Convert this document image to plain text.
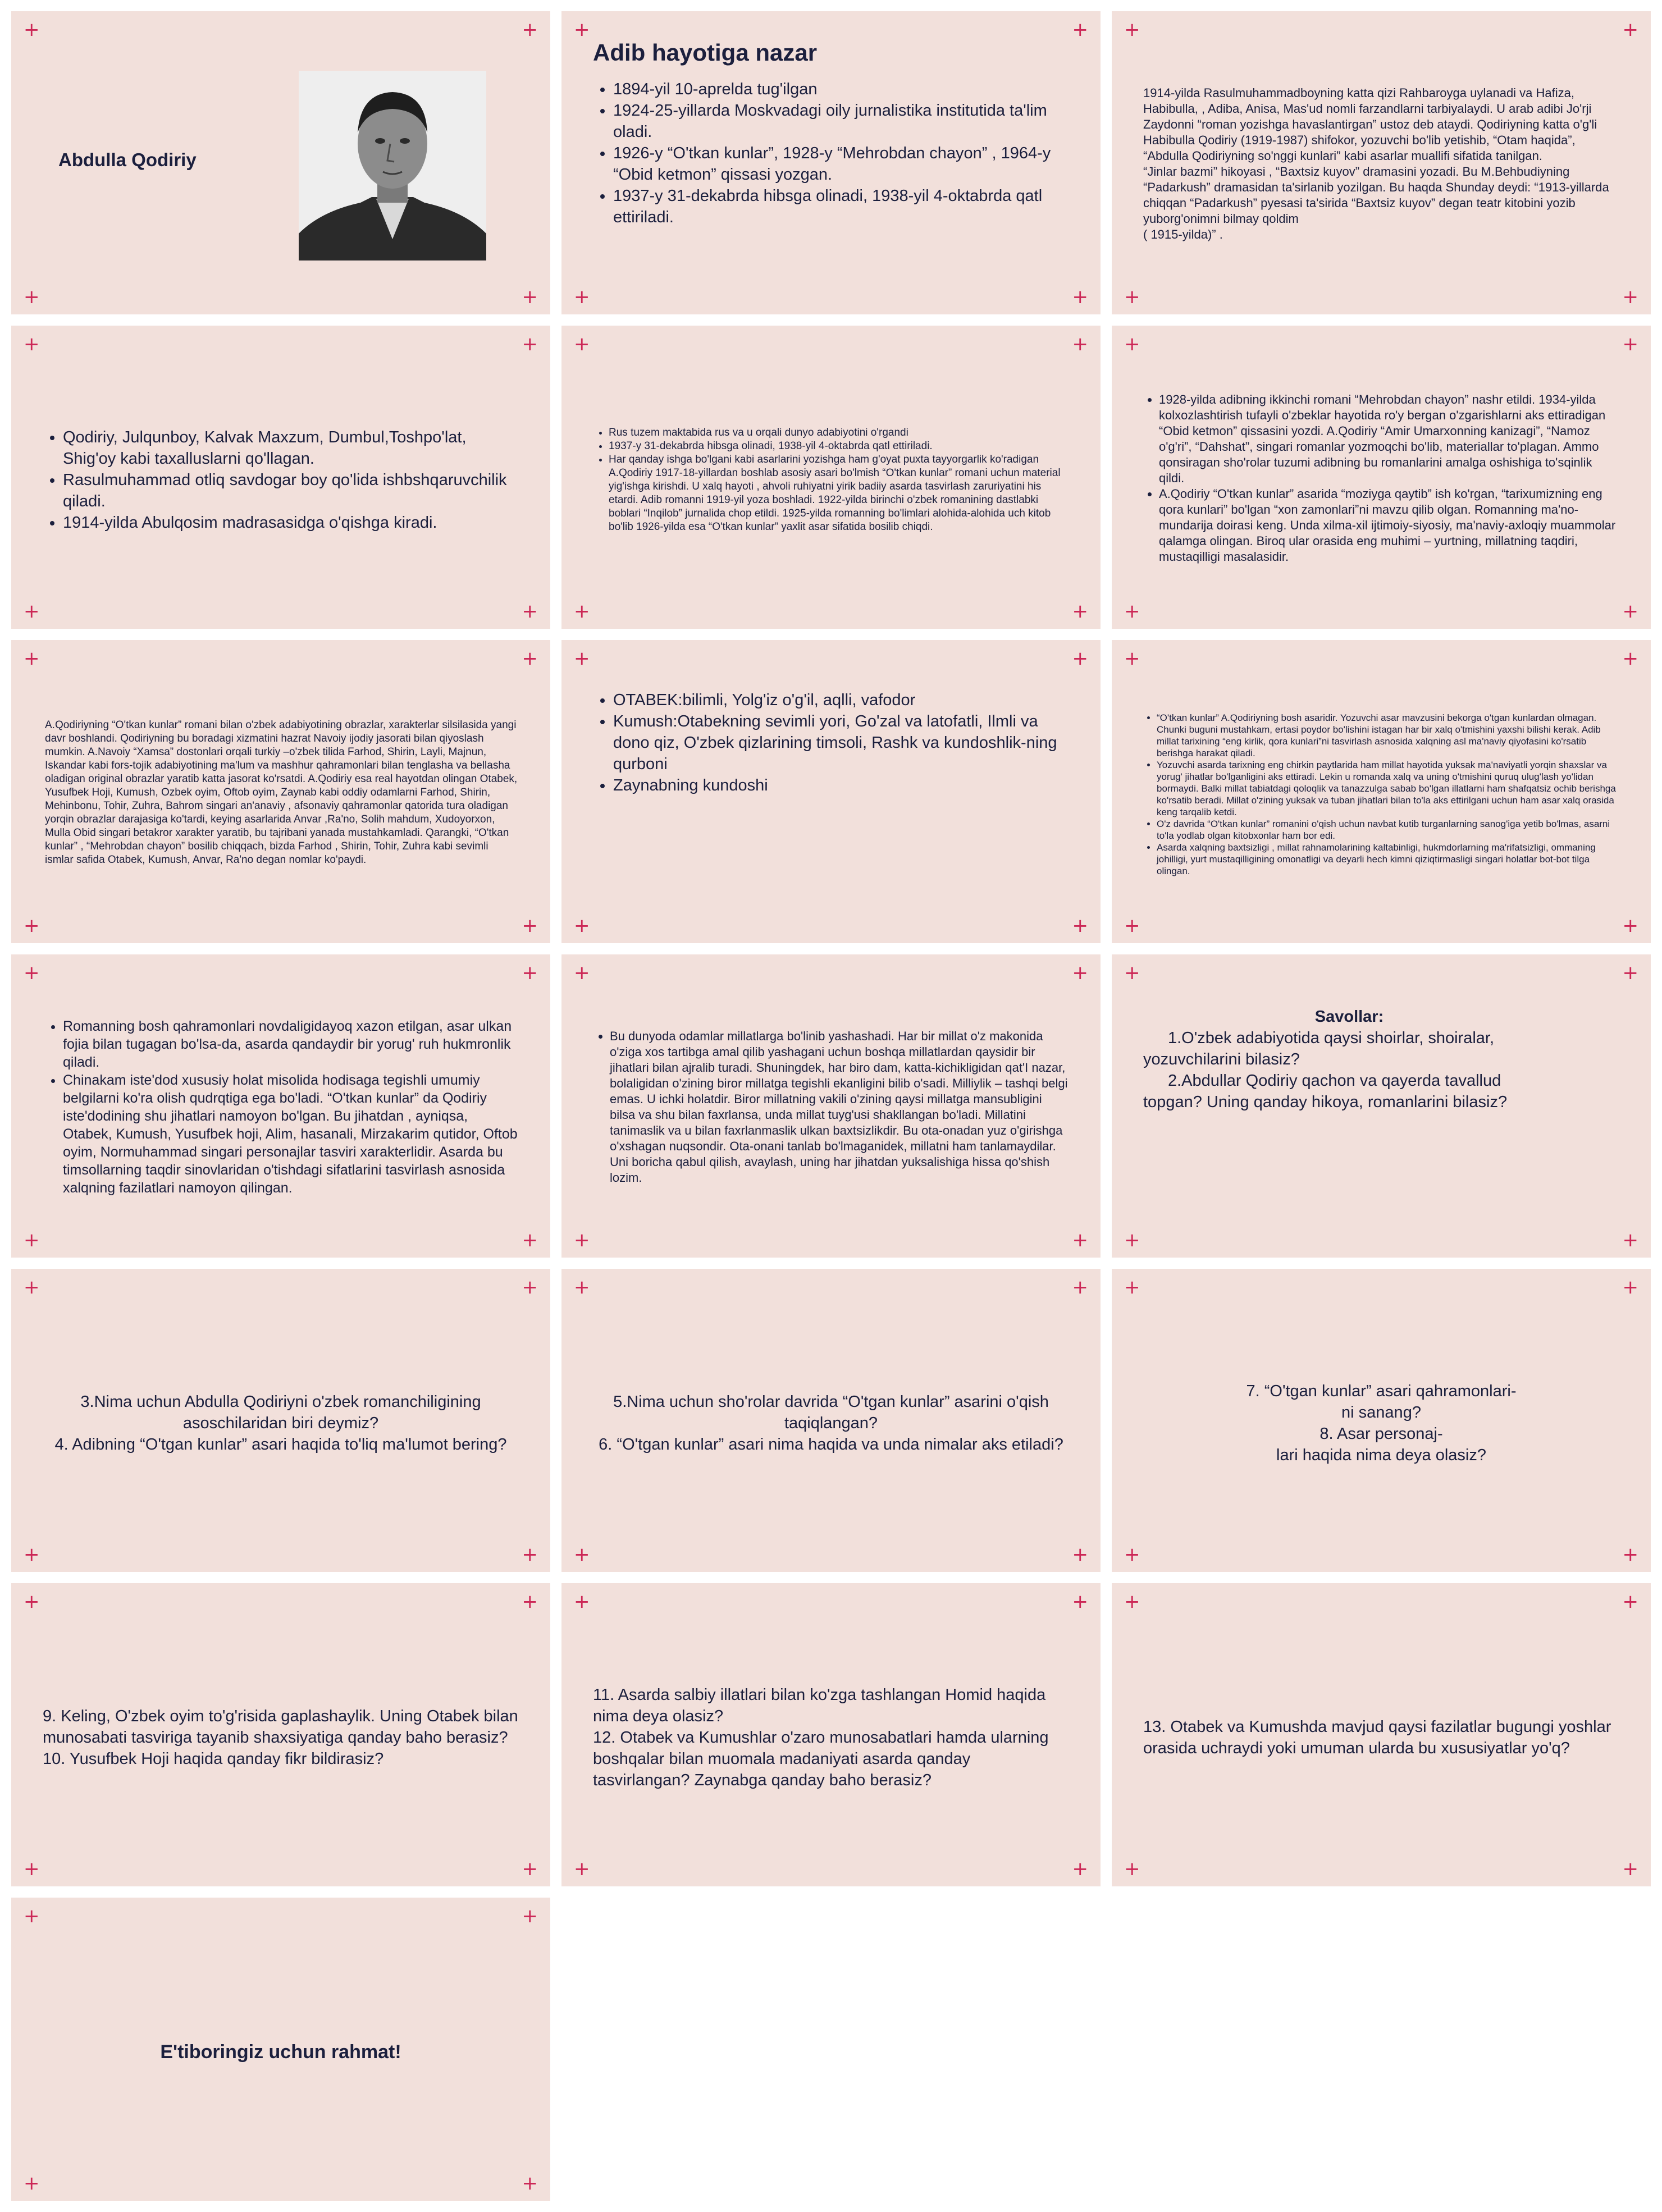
+	+
+	+
Abdulla Qodiriy
+	+
+	+
Adib hayotiga nazar
• 1894-yil 10-aprelda tug'ilgan
• 1924-25-yillarda Moskvadagi oily jurnalistika institutida ta'lim oladi.
• 1926-y “O'tkan kunlar”, 1928-y “Mehrobdan chayon” , 1964-y “Obid ketmon” qissasi yozgan.
• 1937-y 31-dekabrda hibsga olinadi, 1938-yil 4-oktabrda qatl ettiriladi.
+	+
+	+

1914-yilda Rasulmuhammadboyning katta qizi Rahbaroyga uylanadi va Hafiza, Habibulla, , Adiba, Anisa, Mas'ud nomli farzandlarni tarbiyalaydi. U arab adibi Jo'rji Zaydonni “roman yozishga havaslantirgan” ustoz deb ataydi. Qodiriyning katta o'g'li Habibulla Qodiriy (1919-1987) shifokor, yozuvchi bo'lib yetishib, “Otam haqida”, “Abdulla Qodiriyning so'nggi kunlari” kabi asarlar muallifi sifatida tanilgan.
“Jinlar bazmi” hikoyasi , “Baxtsiz kuyov” dramasini yozadi. Bu M.Behbudiyning “Padarkush” dramasidan ta'sirlanib yozilgan. Bu haqda Shunday deydi: “1913-yillarda chiqqan “Padarkush” pyesasi ta'sirida “Baxtsiz kuyov” degan teatr kitobini yozib yuborg'onimni bilmay qoldim
( 1915-yilda)” .

+	+
+	+
• Qodiriy, Julqunboy, Kalvak Maxzum, Dumbul,Toshpo'lat, Shig'oy kabi taxalluslarni qo'llagan.
• Rasulmuhammad otliq savdogar boy qo'lida ishbshqaruvchilik qiladi.
• 1914-yilda Abulqosim madrasasidga o'qishga kiradi.
+	+
+	+
• Rus tuzem maktabida rus va u orqali dunyo adabiyotini o'rgandi
• 1937-y 31-dekabrda hibsga olinadi, 1938-yil 4-oktabrda qatl ettiriladi.
• Har qanday ishga bo'lgani kabi asarlarini yozishga ham g'oyat puxta tayyorgarlik ko'radigan A.Qodiriy 1917-18-yillardan boshlab asosiy asari bo'lmish “O'tkan kunlar” romani uchun material yig'ishga kirishdi. U xalq hayoti , ahvoli ruhiyatni yirik badiiy asarda tasvirlash zaruriyatini his etardi. Adib romanni 1919-yil yoza boshladi. 1922-yilda birinchi o'zbek romanining dastlabki boblari “Inqilob” jurnalida chop etildi. 1925-yilda romanning bo'limlari alohida-alohida uch kitob bo'lib 1926-yilda esa “O'tkan kunlar” yaxlit asar sifatida bosilib chiqdi.
+	+
+	+
• 1928-yilda adibning ikkinchi romani “Mehrobdan chayon” nashr etildi. 1934-yilda kolxozlashtirish tufayli o'zbeklar hayotida ro'y bergan o'zgarishlarni aks ettiradigan “Obid ketmon” qissasini yozdi. A.Qodiriy “Amir Umarxonning kanizagi”, “Namoz o'g'ri”, “Dahshat”, singari romanlar yozmoqchi bo'lib, materiallar to'plagan. Ammo qonsiragan sho'rolar tuzumi adibning bu romanlarini amalga oshishiga to'sqinlik qildi.
• A.Qodiriy “O'tkan kunlar” asarida “moziyga qaytib” ish ko'rgan, “tarixumizning eng qora kunlari” bo'lgan “xon zamonlari”ni mavzu qilib olgan. Romanning ma'no-mundarija doirasi keng. Unda xilma-xil ijtimoiy-siyosiy, ma'naviy-axloqiy muammolar qalamga olingan. Biroq ular orasida eng muhimi – yurtning, millatning taqdiri, mustaqilligi masalasidir.
+	+
+	+

A.Qodiriyning “O'tkan kunlar” romani bilan o'zbek adabiyotining obrazlar, xarakterlar silsilasida yangi davr boshlandi. Qodiriyning bu boradagi xizmatini hazrat Navoiy ijodiy jasorati bilan qiyoslash mumkin. A.Navoiy “Xamsa” dostonlari orqali turkiy –o'zbek tilida Farhod, Shirin, Layli, Majnun, Iskandar kabi fors-tojik adabiyotining ma'lum va mashhur qahramonlari bilan tenglasha va bellasha oladigan original obrazlar yaratib katta jasorat ko'rsatdi. A.Qodiriy esa real hayotdan olingan Otabek, Yusufbek Hoji, Kumush, Ozbek oyim, Oftob oyim, Zaynab kabi oddiy odamlarni Farhod, Shirin, Mehinbonu, Tohir, Zuhra, Bahrom singari an'anaviy , afsonaviy qahramonlar qatorida tura oladigan yorqin obrazlar darajasiga ko'tardi, keying asarlarida Anvar ,Ra'no, Solih mahdum, Xudoyorxon, Mulla Obid singari betakror xarakter yaratib, bu tajribani yanada mustahkamladi. Qarangki, “O'tkan kunlar” , “Mehrobdan chayon” bosilib chiqqach, bizda Farhod , Shirin, Tohir, Zuhra kabi sevimli ismlar safida Otabek, Kumush, Anvar, Ra'no degan nomlar ko'paydi.

+	+
+	+
• OTABEK:bilimli, Yolg'iz o'g'il, aqlli, vafodor
• Kumush:Otabekning sevimli yori, Go'zal va latofatli, Ilmli va dono qiz, O'zbek qizlarining timsoli, Rashk va kundoshlik-ning qurboni
• Zaynabning kundoshi
+	+
+	+
• “O'tkan kunlar” A.Qodiriyning bosh asaridir. Yozuvchi asar mavzusini bekorga o'tgan kunlardan olmagan. Chunki buguni mustahkam, ertasi poydor bo'lishini istagan har bir xalq o'tmishini yaxshi bilishi kerak. Adib millat tarixining “eng kirlik, qora kunlari”ni tasvirlash asnosida xalqning asl ma'naviy qiyofasini ko'rsatib berishga harakat qiladi.
• Yozuvchi asarda tarixning eng chirkin paytlarida ham millat hayotida yuksak ma'naviyatli yorqin shaxslar va yorug' jihatlar bo'lganligini aks ettiradi. Lekin u romanda xalq va uning o'tmishini quruq ulug'lash yo'lidan bormaydi. Balki millat tabiatdagi qoloqlik va tanazzulga sabab bo'lgan illatlarni ham shafqatsiz ochib berishga ko'rsatib beradi. Millat o'zining yuksak va tuban jihatlari bilan to'la aks ettirilgani uchun ham asar xalq orasida keng tarqalib ketdi.
• O'z davrida “O'tkan kunlar” romanini o'qish uchun navbat kutib turganlarning sanog'iga yetib bo'lmas, asarni to'la yodlab olgan kitobxonlar ham bor edi.
• Asarda xalqning baxtsizligi , millat rahnamolarining kaltabinligi, hukmdorlarning ma'rifatsizligi, ommaning johilligi, yurt mustaqilligining omonatligi va deyarli hech kimni qiziqtirmasligi singari holatlar bot-bot tilga olingan.
+	+
+	+
• Romanning bosh qahramonlari novdaligidayoq xazon etilgan, asar ulkan fojia bilan tugagan bo'lsa-da, asarda qandaydir bir yorug' ruh hukmronlik qiladi.
• Chinakam iste'dod xususiy holat misolida hodisaga tegishli umumiy belgilarni ko'ra olish qudrqtiga ega bo'ladi. “O'tkan kunlar” da Qodiriy iste'dodining shu jihatlari namoyon bo'lgan. Bu jihatdan , ayniqsa, Otabek, Kumush, Yusufbek hoji, Alim, hasanali, Mirzakarim qutidor, Oftob oyim, Normuhammad singari personajlar tasviri xarakterlidir. Asarda bu timsollarning taqdir sinovlaridan o'tishdagi sifatlarini tasvirlash asnosida xalqning fazilatlari namoyon qilingan.
+	+
+	+
• Bu dunyoda odamlar millatlarga bo'linib yashashadi. Har bir millat o'z makonida o'ziga xos tartibga amal qilib yashagani uchun boshqa millatlardan qaysidir bir jihatlari bilan ajralib turadi. Shuningdek, har biro dam, katta-kichikligidan qat'I nazar, bolaligidan o'zining biror millatga tegishli ekanligini bilib o'sadi. Milliylik – tashqi belgi emas. U ichki holatdir. Biror millatning vakili o'zining qaysi millatga mansubligini bilsa va shu bilan faxrlansa, unda millat tuyg'usi shakllangan bo'ladi. Millatini tanimaslik va u bilan faxrlanmaslik ulkan baxtsizlikdir. Bu ota-onadan yuz o'girishga o'xshagan nuqsondir. Ota-onani tanlab bo'lmaganidek, millatni ham tanlamaydilar. Uni boricha qabul qilish, avaylash, uning har jihatdan yuksalishiga hissa qo'shish lozim.
+	+
+	+
Savollar:

1.O'zbek adabiyotida qaysi shoirlar, shoiralar, yozuvchilarini bilasiz?

2.Abdullar Qodiriy qachon va qayerda tavallud topgan? Uning qanday hikoya, romanlarini bilasiz?

+	+
+	+

3.Nima uchun Abdulla Qodiriyni o'zbek romanchiligining asoschilaridan biri deymiz?

4. Adibning “O'tgan kunlar” asari haqida to'liq ma'lumot bering?

+	+
+	+

5.Nima uchun sho'rolar davrida “O'tgan kunlar” asarini o'qish taqiqlangan?

6. “O'tgan kunlar” asari nima haqida va unda nimalar aks etiladi?

+	+
+	+

7. “O'tgan kunlar” asari qahramonlari-
ni sanang?

8. Asar personaj-
lari haqida nima deya olasiz?

+	+
+	+

9. Keling, O'zbek oyim to'g'risida gaplashaylik. Uning Otabek bilan munosabati tasviriga tayanib shaxsiyatiga qanday baho berasiz?

10. Yusufbek Hoji haqida qanday fikr bildirasiz?

+	+
+	+

11. Asarda salbiy illatlari bilan ko'zga tashlangan Homid haqida nima deya olasiz?

12. Otabek va Kumushlar o'zaro munosabatlari hamda ularning boshqalar bilan muomala madaniyati asarda qanday tasvirlangan? Zaynabga qanday baho berasiz?

+	+
+	+

13. Otabek va Kumushda mavjud qaysi fazilatlar bugungi yoshlar orasida uchraydi yoki umuman ularda bu xususiyatlar yo'q?

+	+
+	+
E'tiboringiz uchun rahmat!
